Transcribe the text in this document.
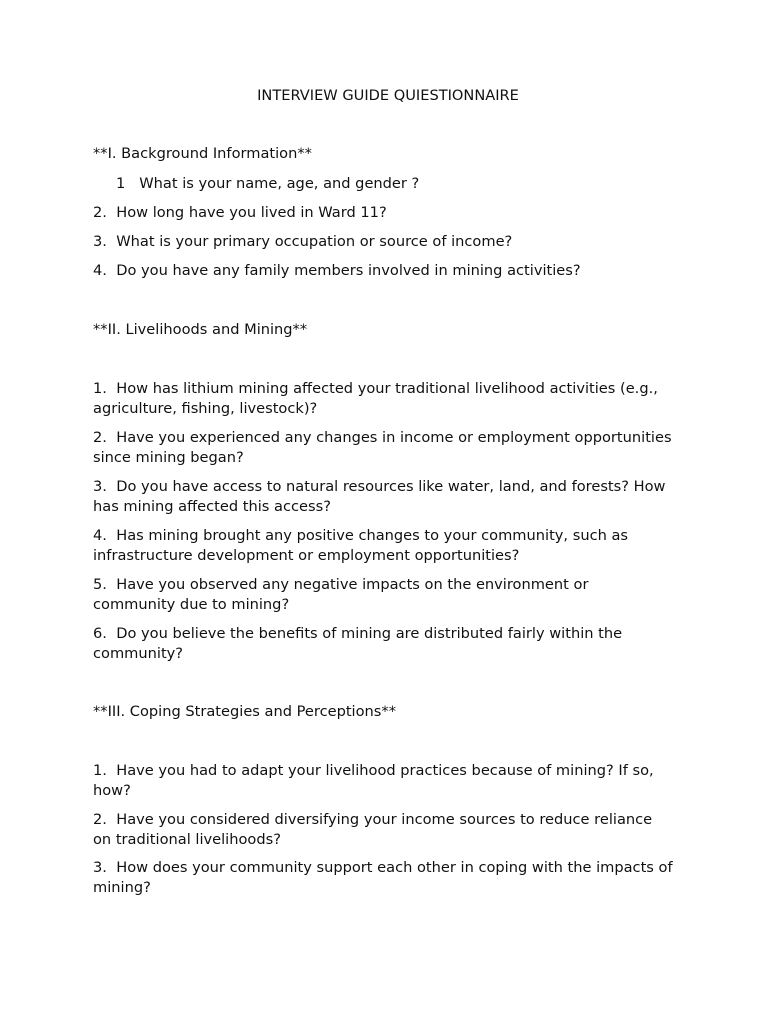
INTERVIEW GUIDE QUIESTIONNAIRE
**I. Background Information**
1 What is your name, age, and gender ?
2. How long have you lived in Ward 11?
3. What is your primary occupation or source of income?
4. Do you have any family members involved in mining activities?
**II. Livelihoods and Mining**
1. How has lithium mining affected your traditional livelihood activities (e.g., agriculture, fishing, livestock)?
2. Have you experienced any changes in income or employment opportunities since mining began?
3. Do you have access to natural resources like water, land, and forests? How has mining affected this access?
4. Has mining brought any positive changes to your community, such as infrastructure development or employment opportunities?
5. Have you observed any negative impacts on the environment or community due to mining?
6. Do you believe the benefits of mining are distributed fairly within the community?
**III. Coping Strategies and Perceptions**
1. Have you had to adapt your livelihood practices because of mining? If so, how?
2. Have you considered diversifying your income sources to reduce reliance on traditional livelihoods?
3. How does your community support each other in coping with the impacts of mining?
